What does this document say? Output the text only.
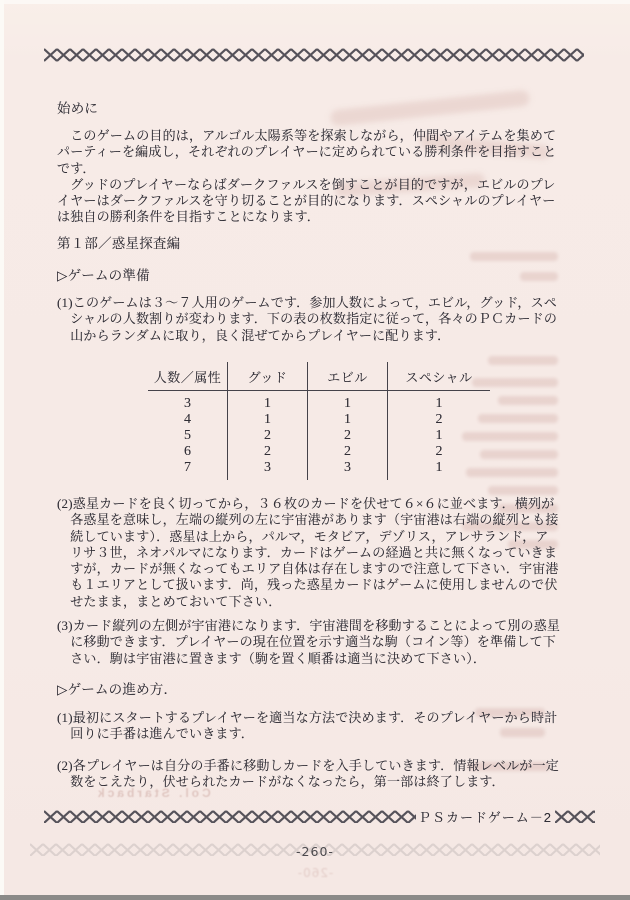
始めに
　このゲームの目的は，アルゴル太陽系等を探索しながら，仲間やアイテムを集めて
パーティーを編成し，それぞれのプレイヤーに定められている勝利条件を目指すこと
です．
　グッドのプレイヤーならばダークファルスを倒すことが目的ですが，エビルのプレ
イヤーはダークファルスを守り切ることが目的になります．スペシャルのプレイヤー
は独自の勝利条件を目指すことになります．
第１部／惑星探査編
▷ゲームの準備
(1)このゲームは３〜７人用のゲームです．参加人数によって，エビル，グッド，スペ
　シャルの人数割りが変わります．下の表の枚数指定に従って，各々のＰＣカードの
　山からランダムに取り，良く混ぜてからプレイヤーに配ります．
人数／属性
3
4
5
6
7
グッド
1
1
2
2
3
エビル
1
1
2
2
3
スペシャル
1
2
1
2
1
(2)惑星カードを良く切ってから，３６枚のカードを伏せて６×６に並べます．横列が
　各惑星を意味し，左端の縦列の左に宇宙港があります（宇宙港は右端の縦列とも接
　続しています）．惑星は上から，パルマ，モタビア，デゾリス，アレサランド，ア
　リサ３世，ネオパルマになります．カードはゲームの経過と共に無くなっていきま
　すが，カードが無くなってもエリア自体は存在しますので注意して下さい．宇宙港
　も１エリアとして扱います．尚，残った惑星カードはゲームに使用しませんので伏
　せたまま，まとめておいて下さい．
(3)カード縦列の左側が宇宙港になります．宇宙港間を移動することによって別の惑星
　に移動できます．プレイヤーの現在位置を示す適当な駒（コイン等）を準備して下
　さい．駒は宇宙港に置きます（駒を置く順番は適当に決めて下さい）．
▷ゲームの進め方．
(1)最初にスタートするプレイヤーを適当な方法で決めます．そのプレイヤーから時計
　回りに手番は進んでいきます．
(2)各プレイヤーは自分の手番に移動しカードを入手していきます．情報レベルが一定
　数をこえたり，伏せられたカードがなくなったら，第一部は終了します．
Col. Starback
ＰＳカードゲーム－2
-260-
-260-
